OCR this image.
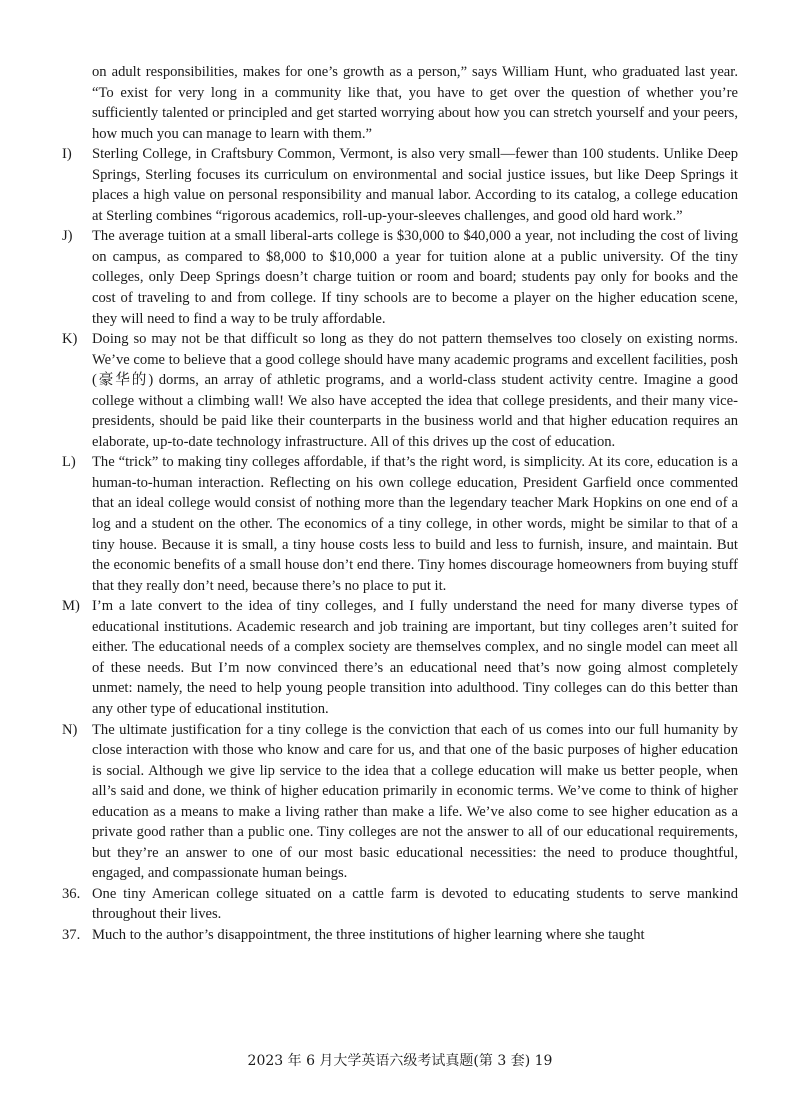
on adult responsibilities, makes for one’s growth as a person,” says William Hunt, who graduated last year. “To exist for very long in a community like that, you have to get over the question of whether you’re sufficiently talented or principled and get started worrying about how you can stretch yourself and your peers, how much you can manage to learn with them.”

I) Sterling College, in Craftsbury Common, Vermont, is also very small—fewer than 100 students. Unlike Deep Springs, Sterling focuses its curriculum on environmental and social justice issues, but like Deep Springs it places a high value on personal responsibility and manual labor. According to its catalog, a college education at Sterling combines “rigorous academics, roll-up-your-sleeves challenges, and good old hard work.”

J) The average tuition at a small liberal-arts college is $30,000 to $40,000 a year, not including the cost of living on campus, as compared to $8,000 to $10,000 a year for tuition alone at a public university. Of the tiny colleges, only Deep Springs doesn’t charge tuition or room and board; students pay only for books and the cost of traveling to and from college. If tiny schools are to become a player on the higher education scene, they will need to find a way to be truly affordable.

K) Doing so may not be that difficult so long as they do not pattern themselves too closely on existing norms. We’ve come to believe that a good college should have many academic programs and excellent facilities, posh (豪华的) dorms, an array of athletic programs, and a world-class student activity centre. Imagine a good college without a climbing wall! We also have accepted the idea that college presidents, and their many vice-presidents, should be paid like their counterparts in the business world and that higher education requires an elaborate, up-to-date technology infrastructure. All of this drives up the cost of education.

L) The “trick” to making tiny colleges affordable, if that’s the right word, is simplicity. At its core, education is a human-to-human interaction. Reflecting on his own college education, President Garfield once commented that an ideal college would consist of nothing more than the legendary teacher Mark Hopkins on one end of a log and a student on the other. The economics of a tiny college, in other words, might be similar to that of a tiny house. Because it is small, a tiny house costs less to build and less to furnish, insure, and maintain. But the economic benefits of a small house don’t end there. Tiny homes discourage homeowners from buying stuff that they really don’t need, because there’s no place to put it.

M) I’m a late convert to the idea of tiny colleges, and I fully understand the need for many diverse types of educational institutions. Academic research and job training are important, but tiny colleges aren’t suited for either. The educational needs of a complex society are themselves complex, and no single model can meet all of these needs. But I’m now convinced there’s an educational need that’s now going almost completely unmet: namely, the need to help young people transition into adulthood. Tiny colleges can do this better than any other type of educational institution.

N) The ultimate justification for a tiny college is the conviction that each of us comes into our full humanity by close interaction with those who know and care for us, and that one of the basic purposes of higher education is social. Although we give lip service to the idea that a college education will make us better people, when all’s said and done, we think of higher education primarily in economic terms. We’ve come to think of higher education as a means to make a living rather than make a life. We’ve also come to see higher education as a private good rather than a public one. Tiny colleges are not the answer to all of our educational requirements, but they’re an answer to one of our most basic educational necessities: the need to produce thoughtful, engaged, and compassionate human beings.

36. One tiny American college situated on a cattle farm is devoted to educating students to serve mankind throughout their lives.

37. Much to the author’s disappointment, the three institutions of higher learning where she taught

2023 年 6 月大学英语六级考试真题(第 3 套) 19
